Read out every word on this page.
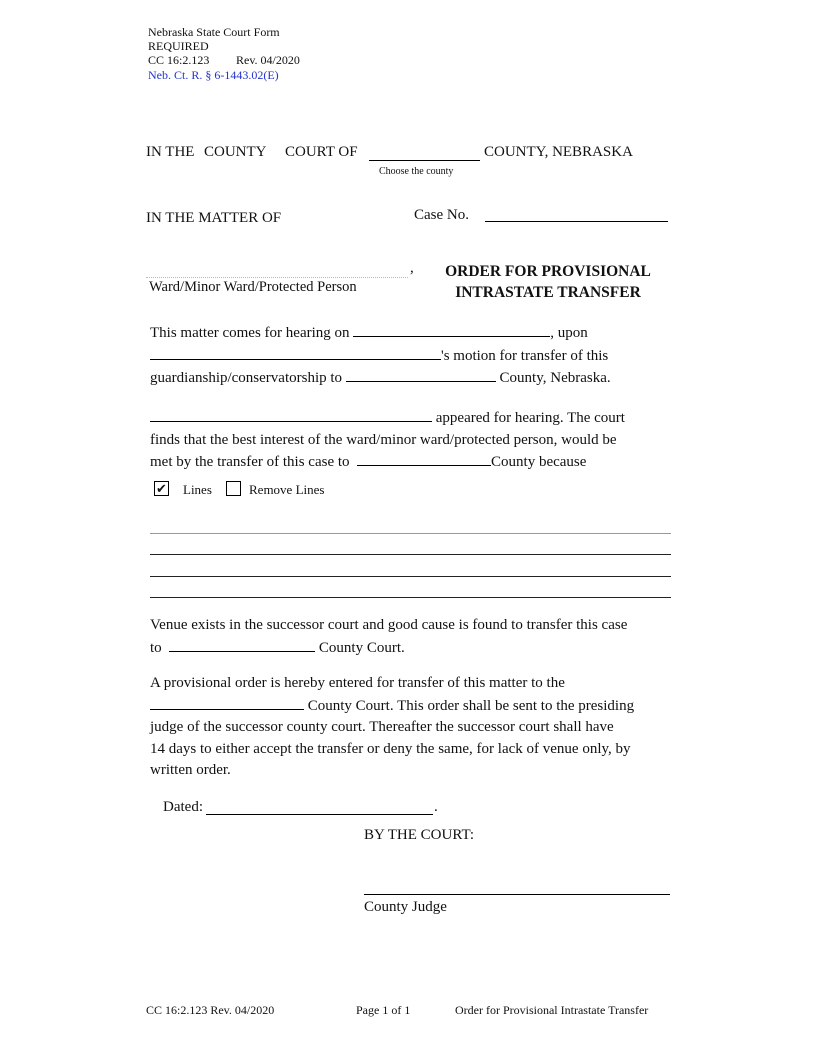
Nebraska State Court Form
REQUIRED
CC 16:2.123 Rev. 04/2020
Neb. Ct. R. § 6-1443.02(E)
IN THE COUNTY COURT OF	COUNTY, NEBRASKA
Choose the county
IN THE MATTER OF	Case No.
,
Ward/Minor Ward/Protected Person
ORDER FOR PROVISIONAL
INTRASTATE TRANSFER
This matter comes for hearing on	, upon
's motion for transfer of this
guardianship/conservatorship to	County, Nebraska.
appeared for hearing. The court
finds that the best interest of the ward/minor ward/protected person, would be
met by the transfer of this case to	County because
✔ Lines	Remove Lines
Venue exists in the successor court and good cause is found to transfer this case
to	County Court.
A provisional order is hereby entered for transfer of this matter to the
County Court. This order shall be sent to the presiding
judge of the successor county court. Thereafter the successor court shall have
14 days to either accept the transfer or deny the same, for lack of venue only, by
written order.
Dated:	.
BY THE COURT:
County Judge
CC 16:2.123 Rev. 04/2020	Page 1 of 1	Order for Provisional Intrastate Transfer
